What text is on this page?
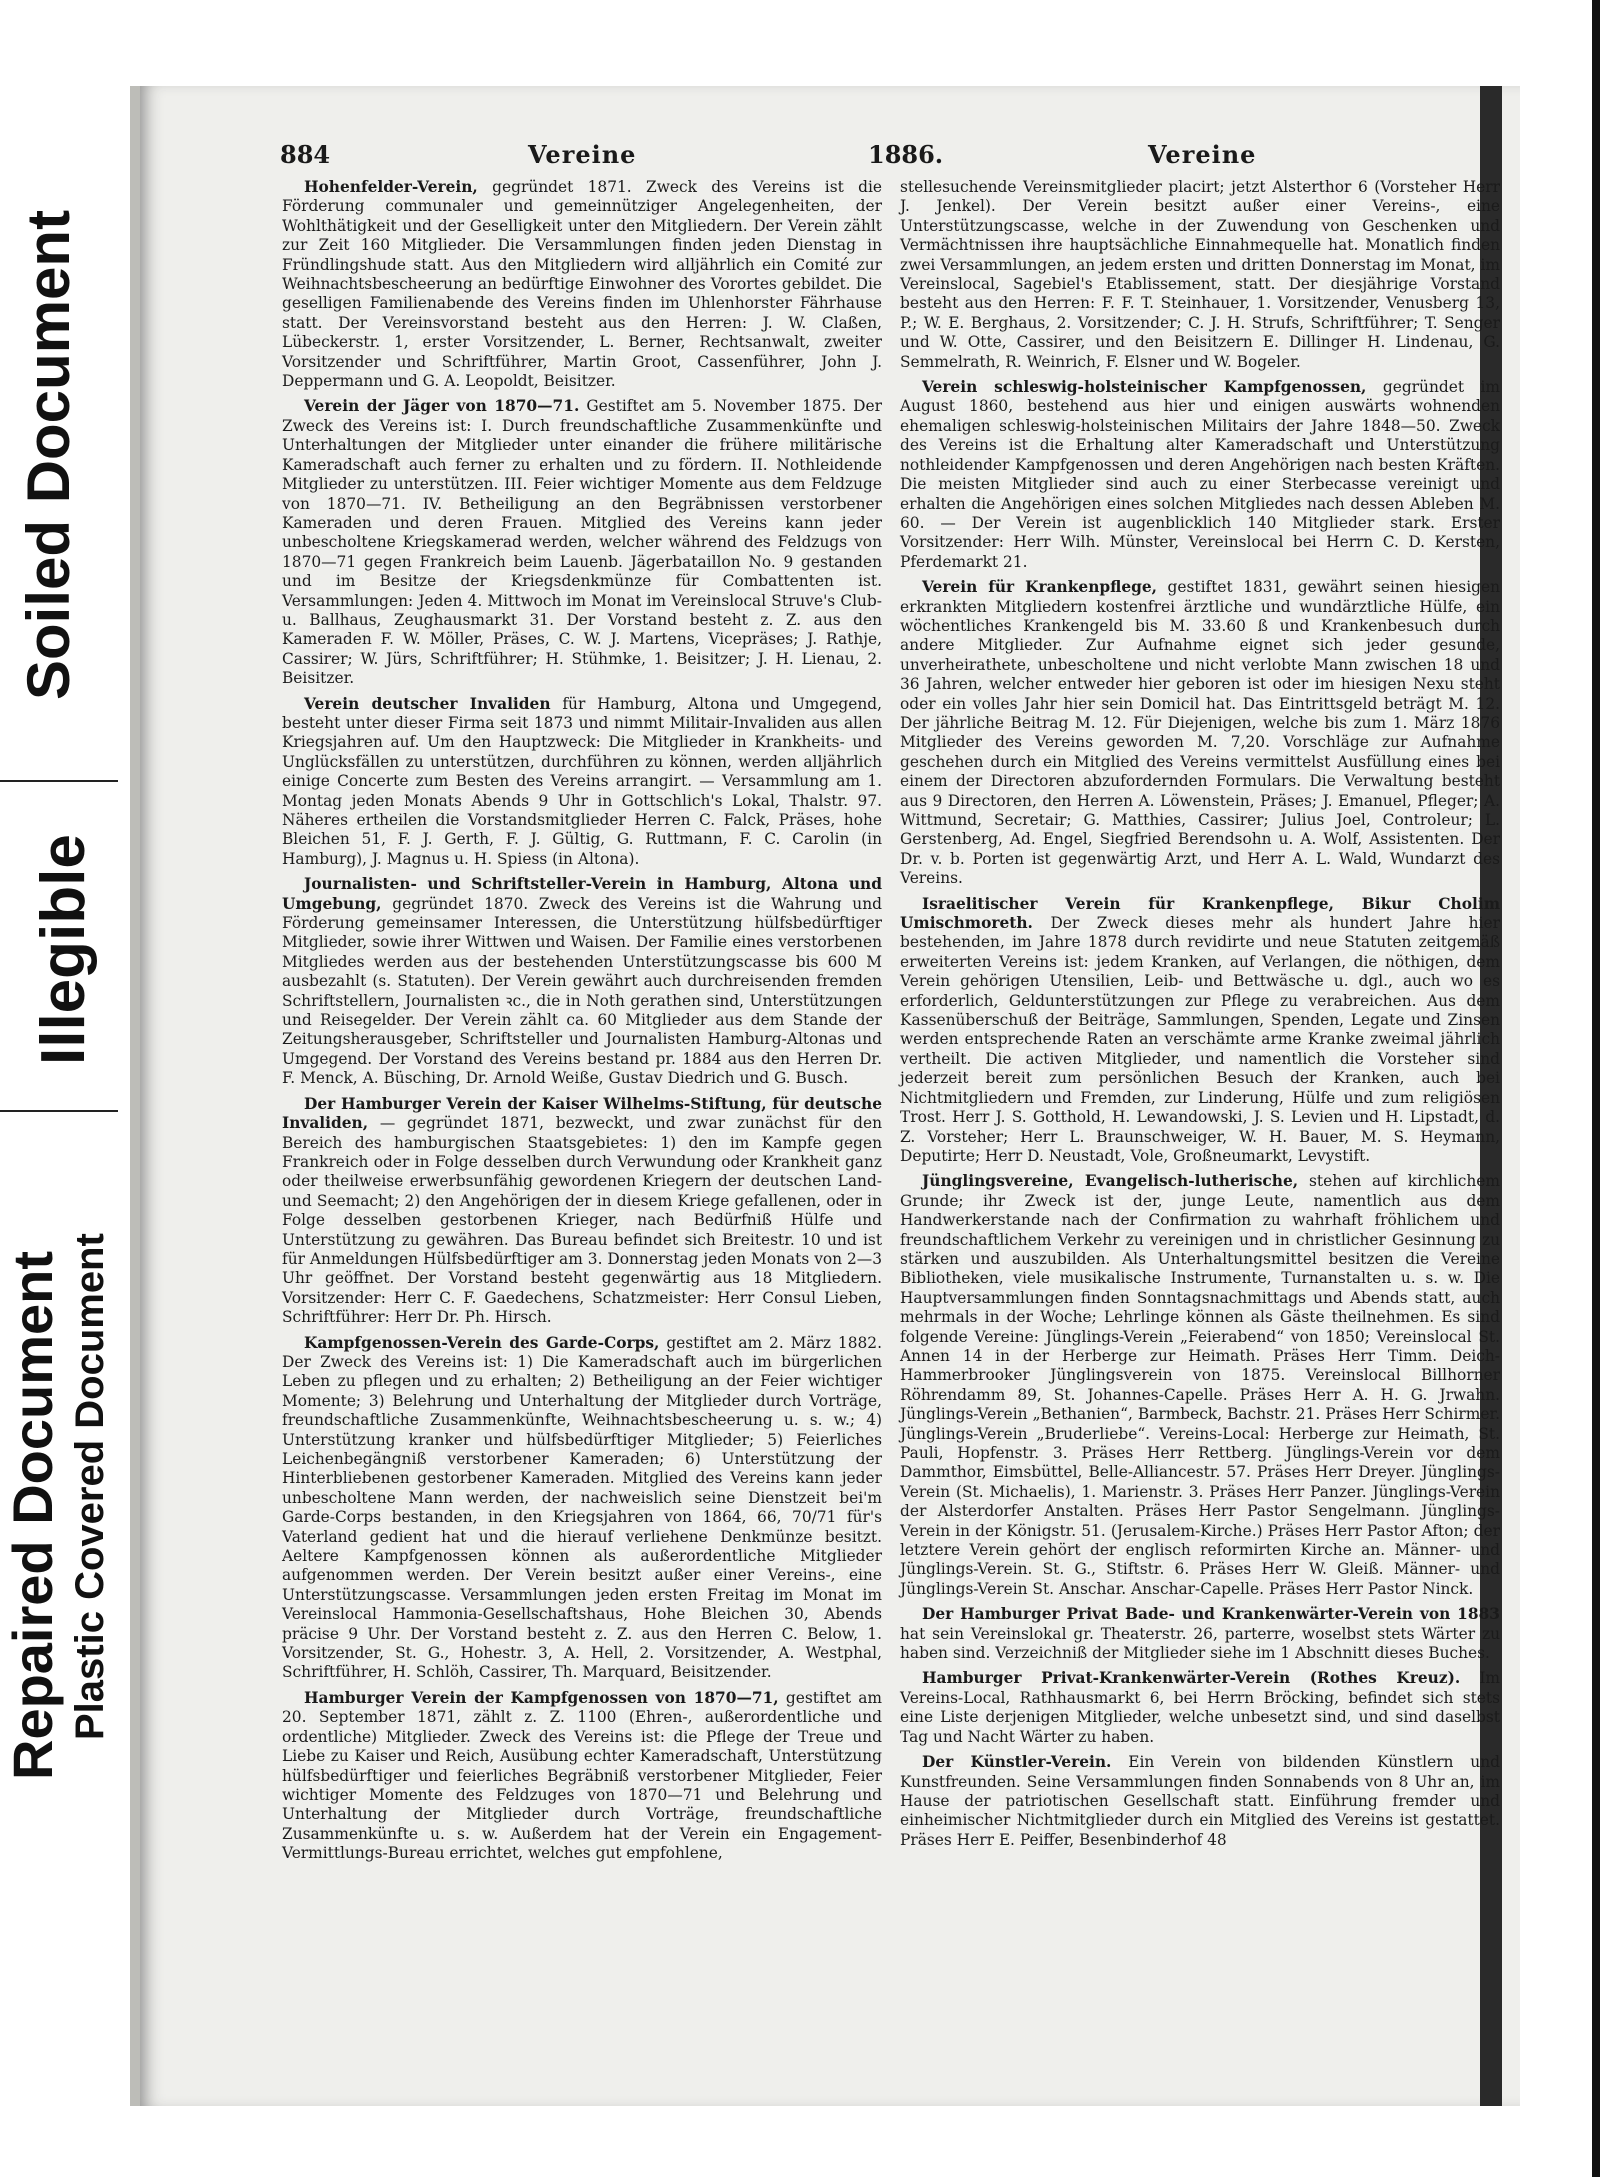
Soiled Document
Illegible
Repaired Document Plastic Covered Document
884	Vereine	1886.	Vereine

Hohenfelder-Verein, gegründet 1871. Zweck des Vereins ist die Förderung communaler und gemeinnütziger Angelegenheiten, der Wohlthätigkeit und der Geselligkeit unter den Mitgliedern. Der Verein zählt zur Zeit 160 Mitglieder. Die Versammlungen finden jeden Dienstag in Fründlingshude statt. Aus den Mitgliedern wird alljährlich ein Comité zur Weihnachtsbescheerung an bedürftige Einwohner des Vorortes gebildet. Die geselligen Familienabende des Vereins finden im Uhlenhorster Fährhause statt. Der Vereinsvorstand besteht aus den Herren: J. W. Claßen, Lübeckerstr. 1, erster Vorsitzender, L. Berner, Rechtsanwalt, zweiter Vorsitzender und Schriftführer, Martin Groot, Cassenführer, John J. Deppermann und G. A. Leopoldt, Beisitzer.

Verein der Jäger von 1870—71. Gestiftet am 5. November 1875. Der Zweck des Vereins ist: I. Durch freundschaftliche Zusammenkünfte und Unterhaltungen der Mitglieder unter einander die frühere militärische Kameradschaft auch ferner zu erhalten und zu fördern. II. Nothleidende Mitglieder zu unterstützen. III. Feier wichtiger Momente aus dem Feldzuge von 1870—71. IV. Betheiligung an den Begräbnissen verstorbener Kameraden und deren Frauen. Mitglied des Vereins kann jeder unbescholtene Kriegskamerad werden, welcher während des Feldzugs von 1870—71 gegen Frankreich beim Lauenb. Jägerbataillon No. 9 gestanden und im Besitze der Kriegsdenkmünze für Combattenten ist. Versammlungen: Jeden 4. Mittwoch im Monat im Vereinslocal Struve's Club- u. Ballhaus, Zeughausmarkt 31. Der Vorstand besteht z. Z. aus den Kameraden F. W. Möller, Präses, C. W. J. Martens, Vicepräses; J. Rathje, Cassirer; W. Jürs, Schriftführer; H. Stühmke, 1. Beisitzer; J. H. Lienau, 2. Beisitzer.

Verein deutscher Invaliden für Hamburg, Altona und Umgegend, besteht unter dieser Firma seit 1873 und nimmt Militair-Invaliden aus allen Kriegsjahren auf. Um den Hauptzweck: Die Mitglieder in Krankheits- und Unglücksfällen zu unterstützen, durchführen zu können, werden alljährlich einige Concerte zum Besten des Vereins arrangirt. — Versammlung am 1. Montag jeden Monats Abends 9 Uhr in Gottschlich's Lokal, Thalstr. 97. Näheres ertheilen die Vorstandsmitglieder Herren C. Falck, Präses, hohe Bleichen 51, F. J. Gerth, F. J. Gültig, G. Ruttmann, F. C. Carolin (in Hamburg), J. Magnus u. H. Spiess (in Altona).

Journalisten- und Schriftsteller-Verein in Hamburg, Altona und Umgebung, gegründet 1870. Zweck des Vereins ist die Wahrung und Förderung gemeinsamer Interessen, die Unterstützung hülfsbedürftiger Mitglieder, sowie ihrer Wittwen und Waisen. Der Familie eines verstorbenen Mitgliedes werden aus der bestehenden Unterstützungscasse bis 600 M ausbezahlt (s. Statuten). Der Verein gewährt auch durchreisenden fremden Schriftstellern, Journalisten ꝛc., die in Noth gerathen sind, Unterstützungen und Reisegelder. Der Verein zählt ca. 60 Mitglieder aus dem Stande der Zeitungsherausgeber, Schriftsteller und Journalisten Hamburg-Altonas und Umgegend. Der Vorstand des Vereins bestand pr. 1884 aus den Herren Dr. F. Menck, A. Büsching, Dr. Arnold Weiße, Gustav Diedrich und G. Busch.

Der Hamburger Verein der Kaiser Wilhelms-Stiftung, für deutsche Invaliden, — gegründet 1871, bezweckt, und zwar zunächst für den Bereich des hamburgischen Staatsgebietes: 1) den im Kampfe gegen Frankreich oder in Folge desselben durch Verwundung oder Krankheit ganz oder theilweise erwerbsunfähig gewordenen Kriegern der deutschen Land- und Seemacht; 2) den Angehörigen der in diesem Kriege gefallenen, oder in Folge desselben gestorbenen Krieger, nach Bedürfniß Hülfe und Unterstützung zu gewähren. Das Bureau befindet sich Breitestr. 10 und ist für Anmeldungen Hülfsbedürftiger am 3. Donnerstag jeden Monats von 2—3 Uhr geöffnet. Der Vorstand besteht gegenwärtig aus 18 Mitgliedern. Vorsitzender: Herr C. F. Gaedechens, Schatzmeister: Herr Consul Lieben, Schriftführer: Herr Dr. Ph. Hirsch.

Kampfgenossen-Verein des Garde-Corps, gestiftet am 2. März 1882. Der Zweck des Vereins ist: 1) Die Kameradschaft auch im bürgerlichen Leben zu pflegen und zu erhalten; 2) Betheiligung an der Feier wichtiger Momente; 3) Belehrung und Unterhaltung der Mitglieder durch Vorträge, freundschaftliche Zusammenkünfte, Weihnachtsbescheerung u. s. w.; 4) Unterstützung kranker und hülfsbedürftiger Mitglieder; 5) Feierliches Leichenbegängniß verstorbener Kameraden; 6) Unterstützung der Hinterbliebenen gestorbener Kameraden. Mitglied des Vereins kann jeder unbescholtene Mann werden, der nachweislich seine Dienstzeit bei'm Garde-Corps bestanden, in den Kriegsjahren von 1864, 66, 70/71 für's Vaterland gedient hat und die hierauf verliehene Denkmünze besitzt. Aeltere Kampfgenossen können als außerordentliche Mitglieder aufgenommen werden. Der Verein besitzt außer einer Vereins-, eine Unterstützungscasse. Versammlungen jeden ersten Freitag im Monat im Vereinslocal Hammonia-Gesellschaftshaus, Hohe Bleichen 30, Abends präcise 9 Uhr. Der Vorstand besteht z. Z. aus den Herren C. Below, 1. Vorsitzender, St. G., Hohestr. 3, A. Hell, 2. Vorsitzender, A. Westphal, Schriftführer, H. Schlöh, Cassirer, Th. Marquard, Beisitzender.

Hamburger Verein der Kampfgenossen von 1870—71, gestiftet am 20. September 1871, zählt z. Z. 1100 (Ehren-, außerordentliche und ordentliche) Mitglieder. Zweck des Vereins ist: die Pflege der Treue und Liebe zu Kaiser und Reich, Ausübung echter Kameradschaft, Unterstützung hülfsbedürftiger und feierliches Begräbniß verstorbener Mitglieder, Feier wichtiger Momente des Feldzuges von 1870—71 und Belehrung und Unterhaltung der Mitglieder durch Vorträge, freundschaftliche Zusammenkünfte u. s. w. Außerdem hat der Verein ein Engagement-Vermittlungs-Bureau errichtet, welches gut empfohlene,

stellesuchende Vereinsmitglieder placirt; jetzt Alsterthor 6 (Vorsteher Herr J. Jenkel). Der Verein besitzt außer einer Vereins-, eine Unterstützungscasse, welche in der Zuwendung von Geschenken und Vermächtnissen ihre hauptsächliche Einnahmequelle hat. Monatlich finden zwei Versammlungen, an jedem ersten und dritten Donnerstag im Monat, im Vereinslocal, Sagebiel's Etablissement, statt. Der diesjährige Vorstand besteht aus den Herren: F. F. T. Steinhauer, 1. Vorsitzender, Venusberg 13, P.; W. E. Berghaus, 2. Vorsitzender; C. J. H. Strufs, Schriftführer; T. Senger und W. Otte, Cassirer, und den Beisitzern E. Dillinger H. Lindenau, G. Semmelrath, R. Weinrich, F. Elsner und W. Bogeler.

Verein schleswig-holsteinischer Kampfgenossen, gegründet im August 1860, bestehend aus hier und einigen auswärts wohnenden ehemaligen schleswig-holsteinischen Militairs der Jahre 1848—50. Zweck des Vereins ist die Erhaltung alter Kameradschaft und Unterstützung nothleidender Kampfgenossen und deren Angehörigen nach besten Kräften. Die meisten Mitglieder sind auch zu einer Sterbecasse vereinigt und erhalten die Angehörigen eines solchen Mitgliedes nach dessen Ableben M. 60. — Der Verein ist augenblicklich 140 Mitglieder stark. Erster Vorsitzender: Herr Wilh. Münster, Vereinslocal bei Herrn C. D. Kersten, Pferdemarkt 21.

Verein für Krankenpflege, gestiftet 1831, gewährt seinen hiesigen erkrankten Mitgliedern kostenfrei ärztliche und wundärztliche Hülfe, ein wöchentliches Krankengeld bis M. 33.60 ß und Krankenbesuch durch andere Mitglieder. Zur Aufnahme eignet sich jeder gesunde, unverheirathete, unbescholtene und nicht verlobte Mann zwischen 18 und 36 Jahren, welcher entweder hier geboren ist oder im hiesigen Nexu steht oder ein volles Jahr hier sein Domicil hat. Das Eintrittsgeld beträgt M. 12. Der jährliche Beitrag M. 12. Für Diejenigen, welche bis zum 1. März 1876 Mitglieder des Vereins geworden M. 7,20. Vorschläge zur Aufnahme geschehen durch ein Mitglied des Vereins vermittelst Ausfüllung eines bei einem der Directoren abzufordernden Formulars. Die Verwaltung besteht aus 9 Directoren, den Herren A. Löwenstein, Präses; J. Emanuel, Pfleger; A. Wittmund, Secretair; G. Matthies, Cassirer; Julius Joel, Controleur; L. Gerstenberg, Ad. Engel, Siegfried Berendsohn u. A. Wolf, Assistenten. Der Dr. v. b. Porten ist gegenwärtig Arzt, und Herr A. L. Wald, Wundarzt des Vereins.

Israelitischer Verein für Krankenpflege, Bikur Cholim Umischmoreth. Der Zweck dieses mehr als hundert Jahre hier bestehenden, im Jahre 1878 durch revidirte und neue Statuten zeitgemäß erweiterten Vereins ist: jedem Kranken, auf Verlangen, die nöthigen, dem Verein gehörigen Utensilien, Leib- und Bettwäsche u. dgl., auch wo es erforderlich, Geldunterstützungen zur Pflege zu verabreichen. Aus dem Kassenüberschuß der Beiträge, Sammlungen, Spenden, Legate und Zinsen werden entsprechende Raten an verschämte arme Kranke zweimal jährlich vertheilt. Die activen Mitglieder, und namentlich die Vorsteher sind jederzeit bereit zum persönlichen Besuch der Kranken, auch bei Nichtmitgliedern und Fremden, zur Linderung, Hülfe und zum religiösen Trost. Herr J. S. Gotthold, H. Lewandowski, J. S. Levien und H. Lipstadt, d. Z. Vorsteher; Herr L. Braunschweiger, W. H. Bauer, M. S. Heymann, Deputirte; Herr D. Neustadt, Vole, Großneumarkt, Levystift.

Jünglingsvereine, Evangelisch-lutherische, stehen auf kirchlichem Grunde; ihr Zweck ist der, junge Leute, namentlich aus dem Handwerkerstande nach der Confirmation zu wahrhaft fröhlichem und freundschaftlichem Verkehr zu vereinigen und in christlicher Gesinnung zu stärken und auszubilden. Als Unterhaltungsmittel besitzen die Vereine Bibliotheken, viele musikalische Instrumente, Turnanstalten u. s. w. Die Hauptversammlungen finden Sonntagsnachmittags und Abends statt, auch mehrmals in der Woche; Lehrlinge können als Gäste theilnehmen. Es sind folgende Vereine: Jünglings-Verein „Feierabend“ von 1850; Vereinslocal St. Annen 14 in der Herberge zur Heimath. Präses Herr Timm. Deich-Hammerbrooker Jünglingsverein von 1875. Vereinslocal Billhorner Röhrendamm 89, St. Johannes-Capelle. Präses Herr A. H. G. Jrwahn. Jünglings-Verein „Bethanien“, Barmbeck, Bachstr. 21. Präses Herr Schirmer. Jünglings-Verein „Bruderliebe“. Vereins-Local: Herberge zur Heimath, St. Pauli, Hopfenstr. 3. Präses Herr Rettberg. Jünglings-Verein vor dem Dammthor, Eimsbüttel, Belle-Alliancestr. 57. Präses Herr Dreyer. Jünglings-Verein (St. Michaelis), 1. Marienstr. 3. Präses Herr Panzer. Jünglings-Verein der Alsterdorfer Anstalten. Präses Herr Pastor Sengelmann. Jünglings-Verein in der Königstr. 51. (Jerusalem-Kirche.) Präses Herr Pastor Afton; der letztere Verein gehört der englisch reformirten Kirche an. Männer- und Jünglings-Verein. St. G., Stiftstr. 6. Präses Herr W. Gleiß. Männer- und Jünglings-Verein St. Anschar. Anschar-Capelle. Präses Herr Pastor Ninck.

Der Hamburger Privat Bade- und Krankenwärter-Verein von 1883 hat sein Vereinslokal gr. Theaterstr. 26, parterre, woselbst stets Wärter zu haben sind. Verzeichniß der Mitglieder siehe im 1 Abschnitt dieses Buches.

Hamburger Privat-Krankenwärter-Verein (Rothes Kreuz). Im Vereins-Local, Rathhausmarkt 6, bei Herrn Bröcking, befindet sich stets eine Liste derjenigen Mitglieder, welche unbesetzt sind, und sind daselbst Tag und Nacht Wärter zu haben.

Der Künstler-Verein. Ein Verein von bildenden Künstlern und Kunstfreunden. Seine Versammlungen finden Sonnabends von 8 Uhr an, im Hause der patriotischen Gesellschaft statt. Einführung fremder und einheimischer Nichtmitglieder durch ein Mitglied des Vereins ist gestattet. Präses Herr E. Peiffer, Besenbinderhof 48
